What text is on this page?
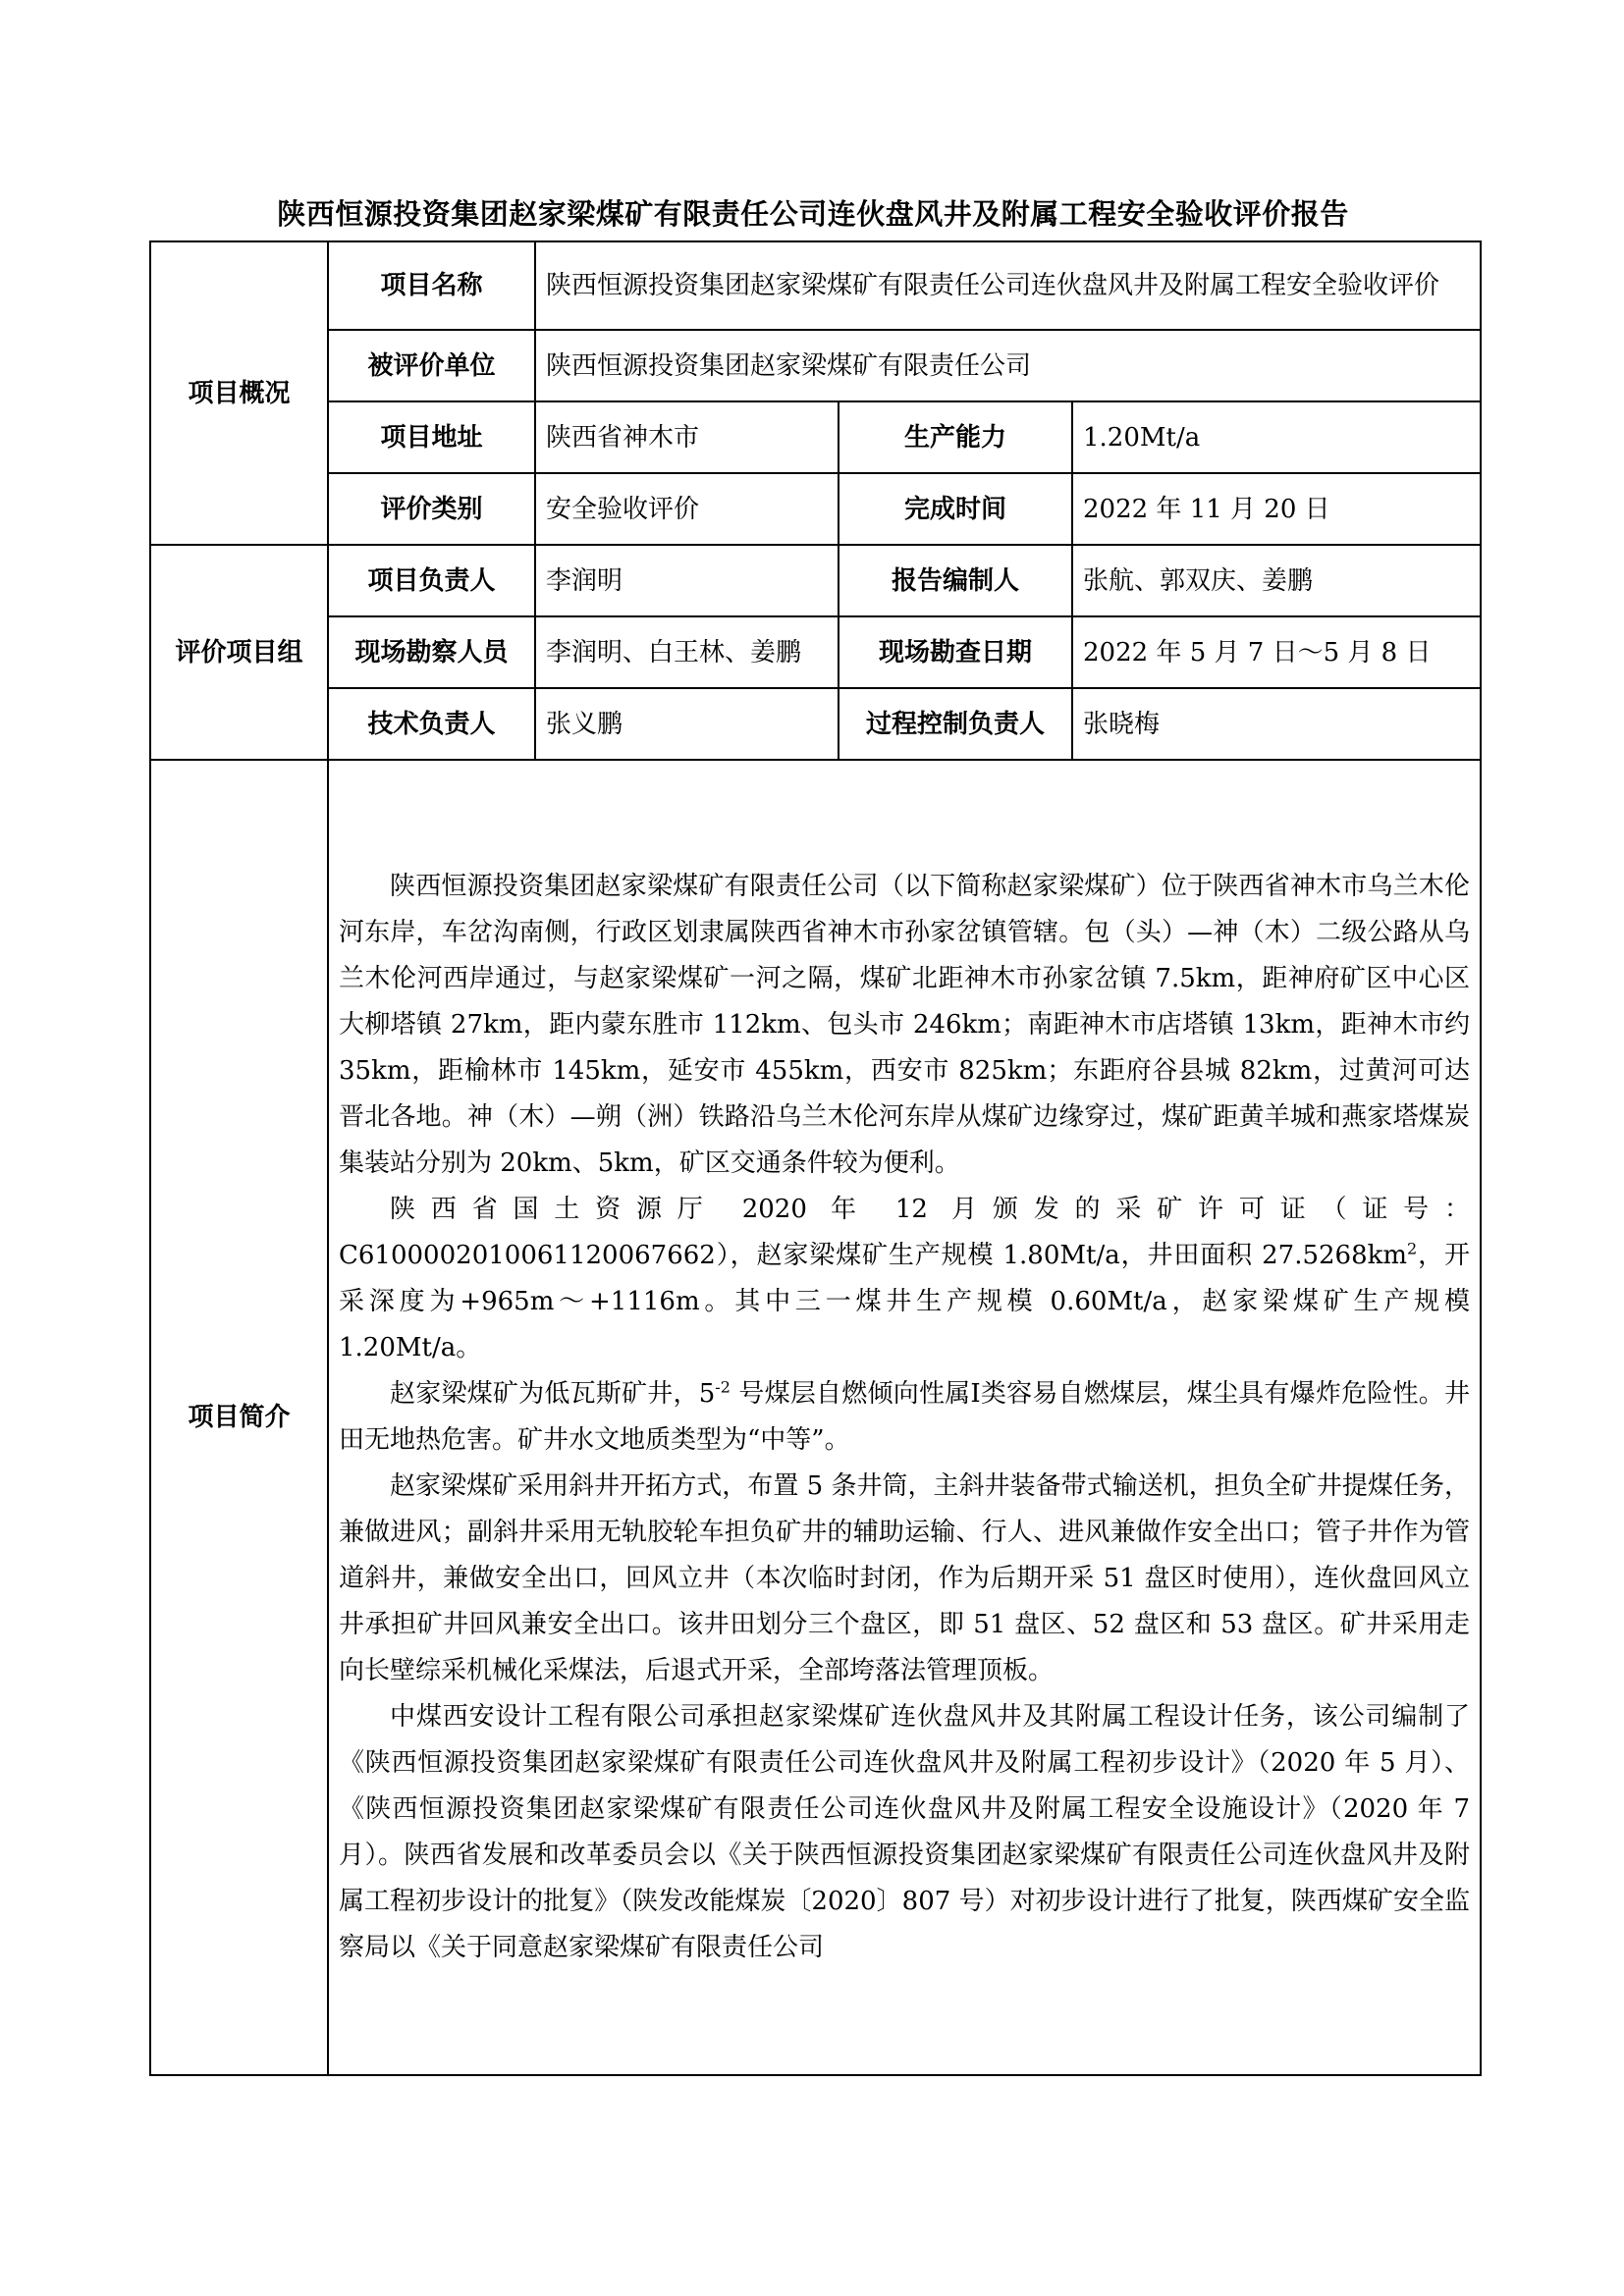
陕西恒源投资集团赵家梁煤矿有限责任公司连伙盘风井及附属工程安全验收评价报告
项目概况	项目名称	陕西恒源投资集团赵家梁煤矿有限责任公司连伙盘风井及附属工程安全验收评价		
	被评价单位	陕西恒源投资集团赵家梁煤矿有限责任公司		
	项目地址	陕西省神木市	生产能力	1.20Mt/a
	评价类别	安全验收评价	完成时间	2022 年 11 月 20 日
评价项目组	项目负责人	李润明	报告编制人	张航、郭双庆、姜鹏
	现场勘察人员	李润明、白王林、姜鹏	现场勘查日期	2022 年 5 月 7 日～5 月 8 日
	技术负责人	张义鹏	过程控制负责人	张晓梅
项目简介	陕西恒源投资集团赵家梁煤矿有限责任公司（以下简称赵家梁煤矿）位于陕西省神木市乌兰木伦河东岸，车岔沟南侧，行政区划隶属陕西省神木市孙家岔镇管辖。包（头）—神（木）二级公路从乌兰木伦河西岸通过，与赵家梁煤矿一河之隔，煤矿北距神木市孙家岔镇 7.5km，距神府矿区中心区大柳塔镇 27km，距内蒙东胜市 112km、包头市 246km；南距神木市店塔镇 13km，距神木市约 35km，距榆林市 145km，延安市 455km，西安市 825km；东距府谷县城 82km，过黄河可达晋北各地。神（木）—朔（洲）铁路沿乌兰木伦河东岸从煤矿边缘穿过，煤矿距黄羊城和燕家塔煤炭集装站分别为 20km、5km，矿区交通条件较为便利。

陕西省国土资源厅 2020 年 12 月颁发的采矿许可证（证号：C6100002010061120067662），赵家梁煤矿生产规模 1.80Mt/a，井田面积 $27.5268km^2$，开采深度为+965m～+1116m。其中三一煤井生产规模 0.60Mt/a，赵家梁煤矿生产规模 1.20Mt/a。

赵家梁煤矿为低瓦斯矿井，$5^{-2}$ 号煤层自燃倾向性属Ⅰ类容易自燃煤层，煤尘具有爆炸危险性。井田无地热危害。矿井水文地质类型为“中等”。

赵家梁煤矿采用斜井开拓方式，布置 5 条井筒，主斜井装备带式输送机，担负全矿井提煤任务，兼做进风；副斜井采用无轨胶轮车担负矿井的辅助运输、行人、进风兼做作安全出口；管子井作为管道斜井，兼做安全出口，回风立井（本次临时封闭，作为后期开采 51 盘区时使用），连伙盘回风立井承担矿井回风兼安全出口。该井田划分三个盘区，即 51 盘区、52 盘区和 53 盘区。矿井采用走向长壁综采机械化采煤法，后退式开采，全部垮落法管理顶板。

中煤西安设计工程有限公司承担赵家梁煤矿连伙盘风井及其附属工程设计任务，该公司编制了《陕西恒源投资集团赵家梁煤矿有限责任公司连伙盘风井及附属工程初步设计》（2020 年 5 月）、《陕西恒源投资集团赵家梁煤矿有限责任公司连伙盘风井及附属工程安全设施设计》（2020 年 7 月）。陕西省发展和改革委员会以《关于陕西恒源投资集团赵家梁煤矿有限责任公司连伙盘风井及附属工程初步设计的批复》（陕发改能煤炭〔2020〕807 号）对初步设计进行了批复，陕西煤矿安全监察局以《关于同意赵家梁煤矿有限责任公司			
